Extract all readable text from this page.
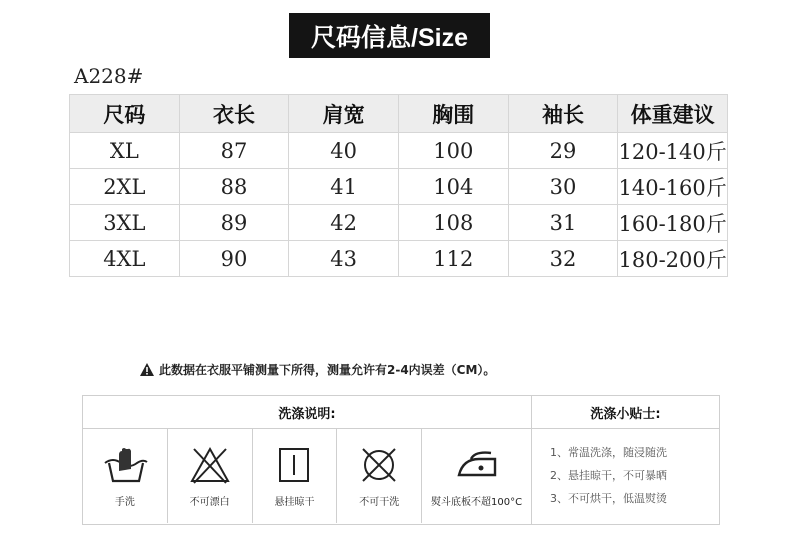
尺码信息/Size
A228#
尺码	衣长	肩宽	胸围	袖长	体重建议
XL	87	40	100	29	120-140斤
2XL	88	41	104	30	140-160斤
3XL	89	42	108	31	160-180斤
4XL	90	43	112	32	180-200斤
此数据在衣服平铺测量下所得，测量允许有2-4内误差（CM）。
洗涤说明:
手洗	不可漂白	悬挂晾干	不可干洗	熨斗底板不超100°C
洗涤小贴士:
1、常温洗涤，随浸随洗
2、悬挂晾干，不可暴晒
3、不可烘干，低温熨烫
